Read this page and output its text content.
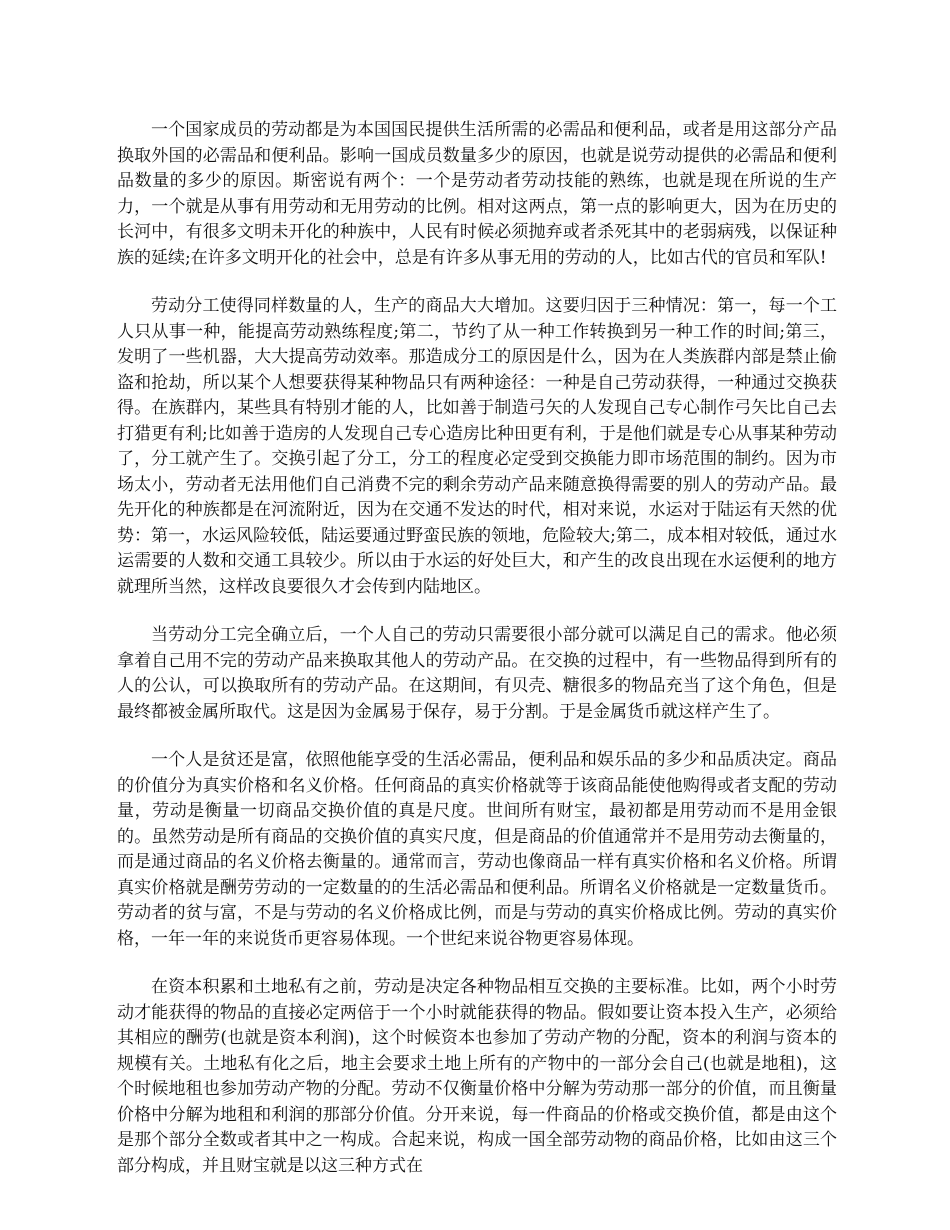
一个国家成员的劳动都是为本国国民提供生活所需的必需品和便利品，或者是用这部分产品换取外国的必需品和便利品。影响一国成员数量多少的原因，也就是说劳动提供的必需品和便利品数量的多少的原因。斯密说有两个：一个是劳动者劳动技能的熟练，也就是现在所说的生产力，一个就是从事有用劳动和无用劳动的比例。相对这两点，第一点的影响更大，因为在历史的长河中，有很多文明未开化的种族中，人民有时候必须抛弃或者杀死其中的老弱病残，以保证种族的延续;在许多文明开化的社会中，总是有许多从事无用的劳动的人，比如古代的官员和军队!

劳动分工使得同样数量的人，生产的商品大大增加。这要归因于三种情况：第一，每一个工人只从事一种，能提高劳动熟练程度;第二，节约了从一种工作转换到另一种工作的时间;第三，发明了一些机器，大大提高劳动效率。那造成分工的原因是什么，因为在人类族群内部是禁止偷盗和抢劫，所以某个人想要获得某种物品只有两种途径：一种是自己劳动获得，一种通过交换获得。在族群内，某些具有特别才能的人，比如善于制造弓矢的人发现自己专心制作弓矢比自己去打猎更有利;比如善于造房的人发现自己专心造房比种田更有利，于是他们就是专心从事某种劳动了，分工就产生了。交换引起了分工，分工的程度必定受到交换能力即市场范围的制约。因为市场太小，劳动者无法用他们自己消费不完的剩余劳动产品来随意换得需要的别人的劳动产品。最先开化的种族都是在河流附近，因为在交通不发达的时代，相对来说，水运对于陆运有天然的优势：第一，水运风险较低，陆运要通过野蛮民族的领地，危险较大;第二，成本相对较低，通过水运需要的人数和交通工具较少。所以由于水运的好处巨大，和产生的改良出现在水运便利的地方就理所当然，这样改良要很久才会传到内陆地区。

当劳动分工完全确立后，一个人自己的劳动只需要很小部分就可以满足自己的需求。他必须拿着自己用不完的劳动产品来换取其他人的劳动产品。在交换的过程中，有一些物品得到所有的人的公认，可以换取所有的劳动产品。在这期间，有贝壳、糖很多的物品充当了这个角色，但是最终都被金属所取代。这是因为金属易于保存，易于分割。于是金属货币就这样产生了。

一个人是贫还是富，依照他能享受的生活必需品，便利品和娱乐品的多少和品质决定。商品的价值分为真实价格和名义价格。任何商品的真实价格就等于该商品能使他购得或者支配的劳动量，劳动是衡量一切商品交换价值的真是尺度。世间所有财宝，最初都是用劳动而不是用金银的。虽然劳动是所有商品的交换价值的真实尺度，但是商品的价值通常并不是用劳动去衡量的，而是通过商品的名义价格去衡量的。通常而言，劳动也像商品一样有真实价格和名义价格。所谓真实价格就是酬劳劳动的一定数量的的生活必需品和便利品。所谓名义价格就是一定数量货币。劳动者的贫与富，不是与劳动的名义价格成比例，而是与劳动的真实价格成比例。劳动的真实价格，一年一年的来说货币更容易体现。一个世纪来说谷物更容易体现。

在资本积累和土地私有之前，劳动是决定各种物品相互交换的主要标准。比如，两个小时劳动才能获得的物品的直接必定两倍于一个小时就能获得的物品。假如要让资本投入生产，必须给其相应的酬劳(也就是资本利润)，这个时候资本也参加了劳动产物的分配，资本的利润与资本的规模有关。土地私有化之后，地主会要求土地上所有的产物中的一部分会自己(也就是地租)，这个时候地租也参加劳动产物的分配。劳动不仅衡量价格中分解为劳动那一部分的价值，而且衡量价格中分解为地租和利润的那部分价值。分开来说，每一件商品的价格或交换价值，都是由这个是那个部分全数或者其中之一构成。合起来说，构成一国全部劳动物的商品价格，比如由这三个部分构成，并且财宝就是以这三种方式在
